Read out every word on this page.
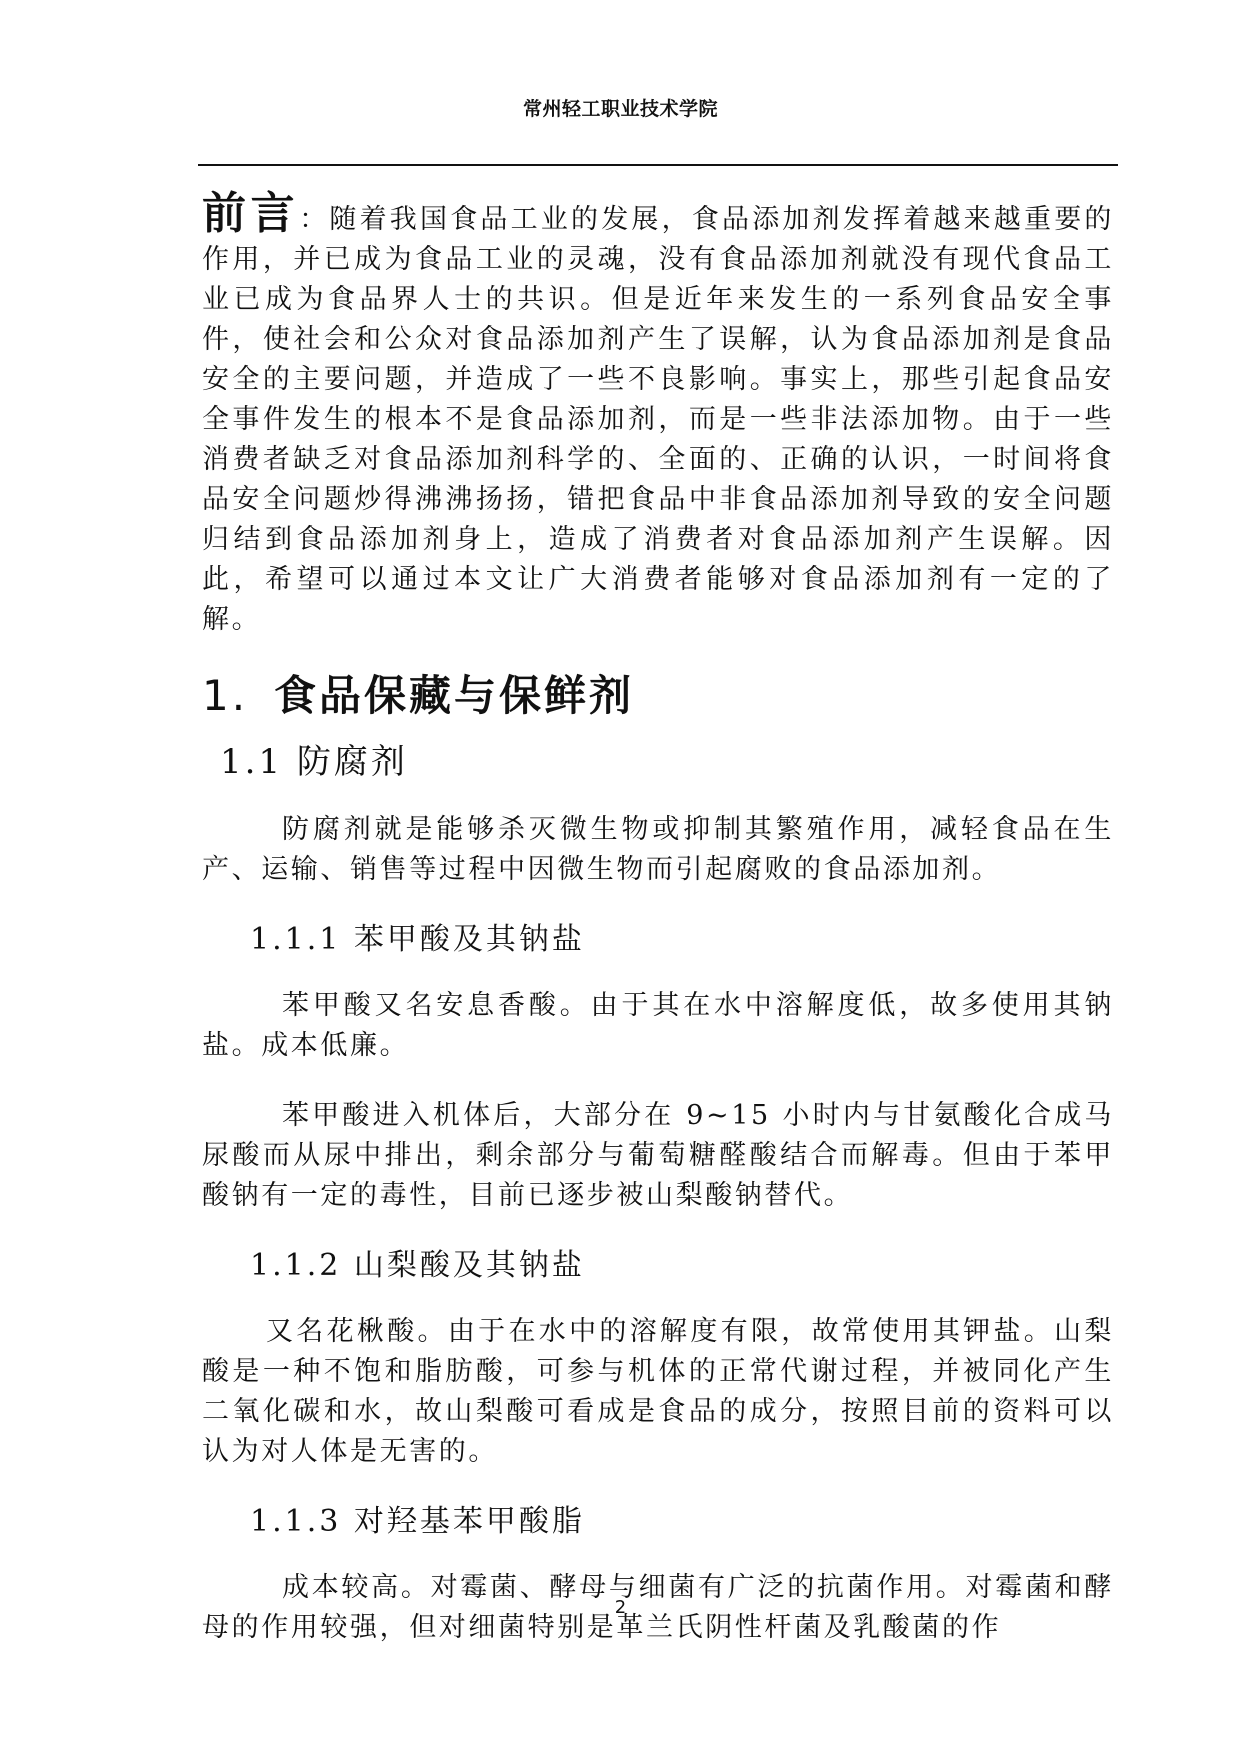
常州轻工职业技术学院

前言：随着我国食品工业的发展，食品添加剂发挥着越来越重要的作用，并已成为食品工业的灵魂，没有食品添加剂就没有现代食品工业已成为食品界人士的共识。但是近年来发生的一系列食品安全事件，使社会和公众对食品添加剂产生了误解，认为食品添加剂是食品安全的主要问题，并造成了一些不良影响。事实上，那些引起食品安全事件发生的根本不是食品添加剂，而是一些非法添加物。由于一些消费者缺乏对食品添加剂科学的、全面的、正确的认识，一时间将食品安全问题炒得沸沸扬扬，错把食品中非食品添加剂导致的安全问题归结到食品添加剂身上，造成了消费者对食品添加剂产生误解。因此，希望可以通过本文让广大消费者能够对食品添加剂有一定的了解。

1. 食品保藏与保鲜剂
1.1 防腐剂

防腐剂就是能够杀灭微生物或抑制其繁殖作用，减轻食品在生产、运输、销售等过程中因微生物而引起腐败的食品添加剂。

1.1.1 苯甲酸及其钠盐

苯甲酸又名安息香酸。由于其在水中溶解度低，故多使用其钠盐。成本低廉。

苯甲酸进入机体后，大部分在 9~15 小时内与甘氨酸化合成马尿酸而从尿中排出，剩余部分与葡萄糖醛酸结合而解毒。但由于苯甲酸钠有一定的毒性，目前已逐步被山梨酸钠替代。

1.1.2 山梨酸及其钠盐

又名花楸酸。由于在水中的溶解度有限，故常使用其钾盐。山梨酸是一种不饱和脂肪酸，可参与机体的正常代谢过程，并被同化产生二氧化碳和水，故山梨酸可看成是食品的成分，按照目前的资料可以认为对人体是无害的。

1.1.3 对羟基苯甲酸脂

成本较高。对霉菌、酵母与细菌有广泛的抗菌作用。对霉菌和酵母的作用较强，但对细菌特别是革兰氏阴性杆菌及乳酸菌的作

2
